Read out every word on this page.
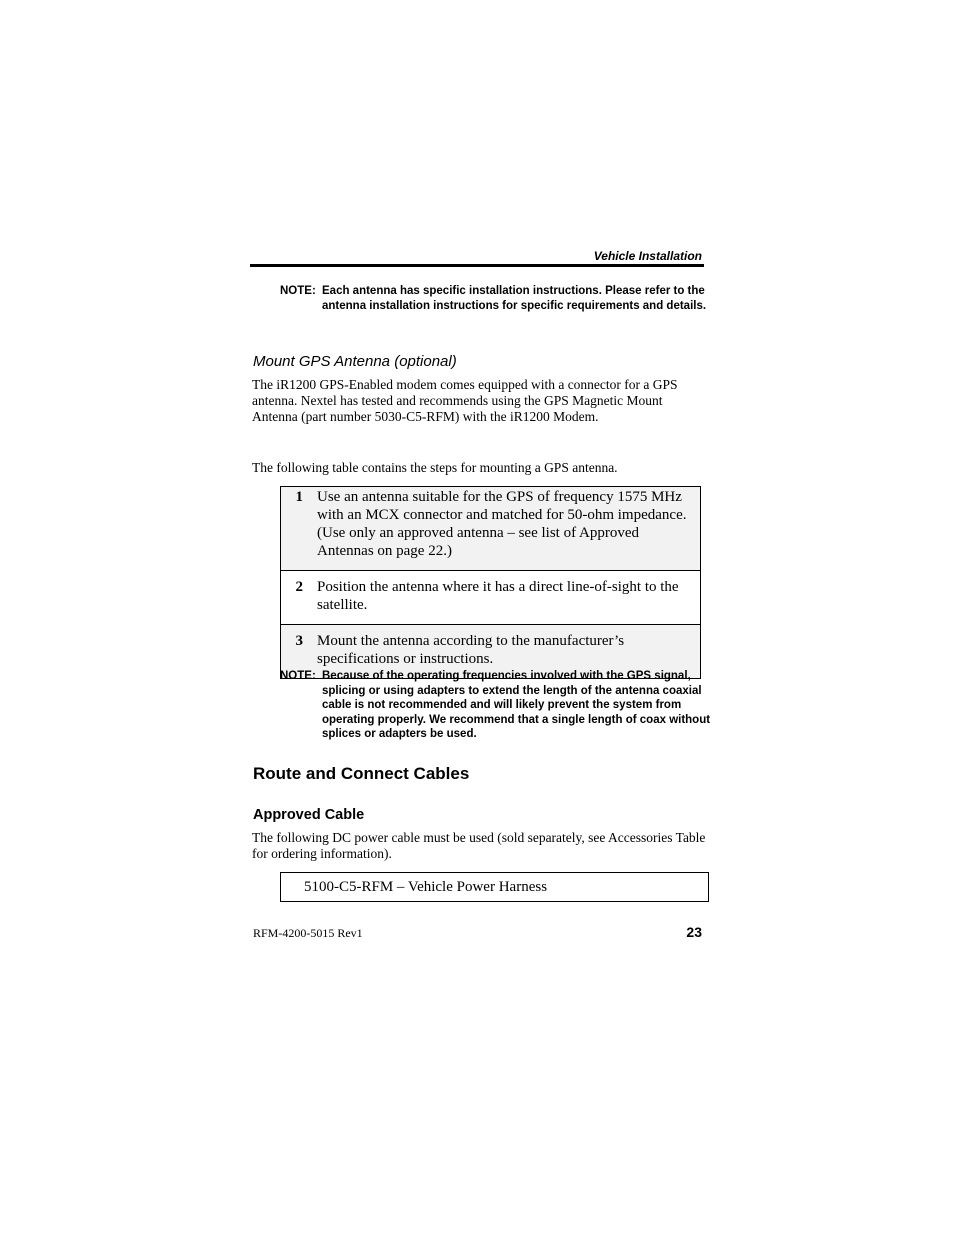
Vehicle Installation
NOTE: Each antenna has specific installation instructions. Please refer to the antenna installation instructions for specific requirements and details.
Mount GPS Antenna (optional)
The iR1200 GPS-Enabled modem comes equipped with a connector for a GPS antenna. Nextel has tested and recommends using the GPS Magnetic Mount Antenna (part number 5030-C5-RFM) with the iR1200 Modem.
The following table contains the steps for mounting a GPS antenna.
1	Use an antenna suitable for the GPS of frequency 1575 MHz with an MCX connector and matched for 50-ohm impedance. (Use only an approved antenna – see list of Approved Antennas on page 22.)
2	Position the antenna where it has a direct line-of-sight to the satellite.
3	Mount the antenna according to the manufacturer’s specifications or instructions.
NOTE: Because of the operating frequencies involved with the GPS signal, splicing or using adapters to extend the length of the antenna coaxial cable is not recommended and will likely prevent the system from operating properly. We recommend that a single length of coax without splices or adapters be used.
Route and Connect Cables
Approved Cable
The following DC power cable must be used (sold separately, see Accessories Table for ordering information).
5100-C5-RFM – Vehicle Power Harness
RFM-4200-5015 Rev1	23
